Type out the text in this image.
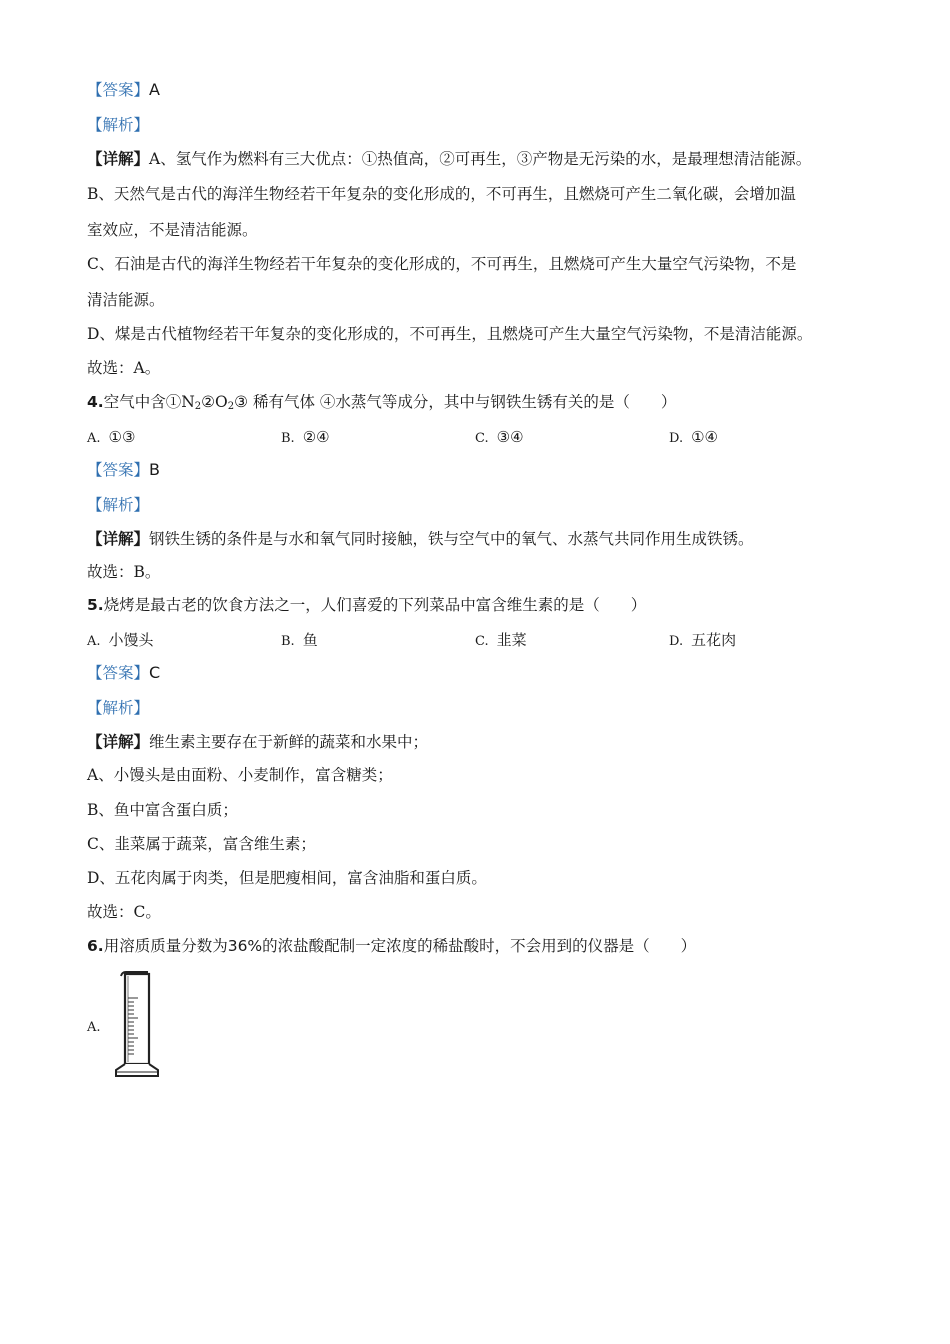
【答案】A
【解析】
【详解】A、氢气作为燃料有三大优点：①热值高，②可再生，③产物是无污染的水，是最理想清洁能源。
B、天然气是古代的海洋生物经若干年复杂的变化形成的，不可再生，且燃烧可产生二氧化碳，会增加温
室效应，不是清洁能源。
C、石油是古代的海洋生物经若干年复杂的变化形成的，不可再生，且燃烧可产生大量空气污染物，不是
清洁能源。
D、煤是古代植物经若干年复杂的变化形成的，不可再生，且燃烧可产生大量空气污染物，不是清洁能源。
故选：A。
4.空气中含$①N_2②O_2③$ 稀有气体 ④水蒸气等成分，其中与钢铁生锈有关的是（　　）
A. ①③	B. ②④	C. ③④	D. ①④
【答案】B
【解析】
【详解】钢铁生锈的条件是与水和氧气同时接触，铁与空气中的氧气、水蒸气共同作用生成铁锈。
故选：B。
5.烧烤是最古老的饮食方法之一，人们喜爱的下列菜品中富含维生素的是（　　）
A. 小馒头	B. 鱼	C. 韭菜	D. 五花肉
【答案】C
【解析】
【详解】维生素主要存在于新鲜的蔬菜和水果中；
A、小馒头是由面粉、小麦制作，富含糖类；
B、鱼中富含蛋白质；
C、韭菜属于蔬菜，富含维生素；
D、五花肉属于肉类，但是肥瘦相间，富含油脂和蛋白质。
故选：C。
6.用溶质质量分数为36%的浓盐酸配制一定浓度的稀盐酸时，不会用到的仪器是（　　）
A.
